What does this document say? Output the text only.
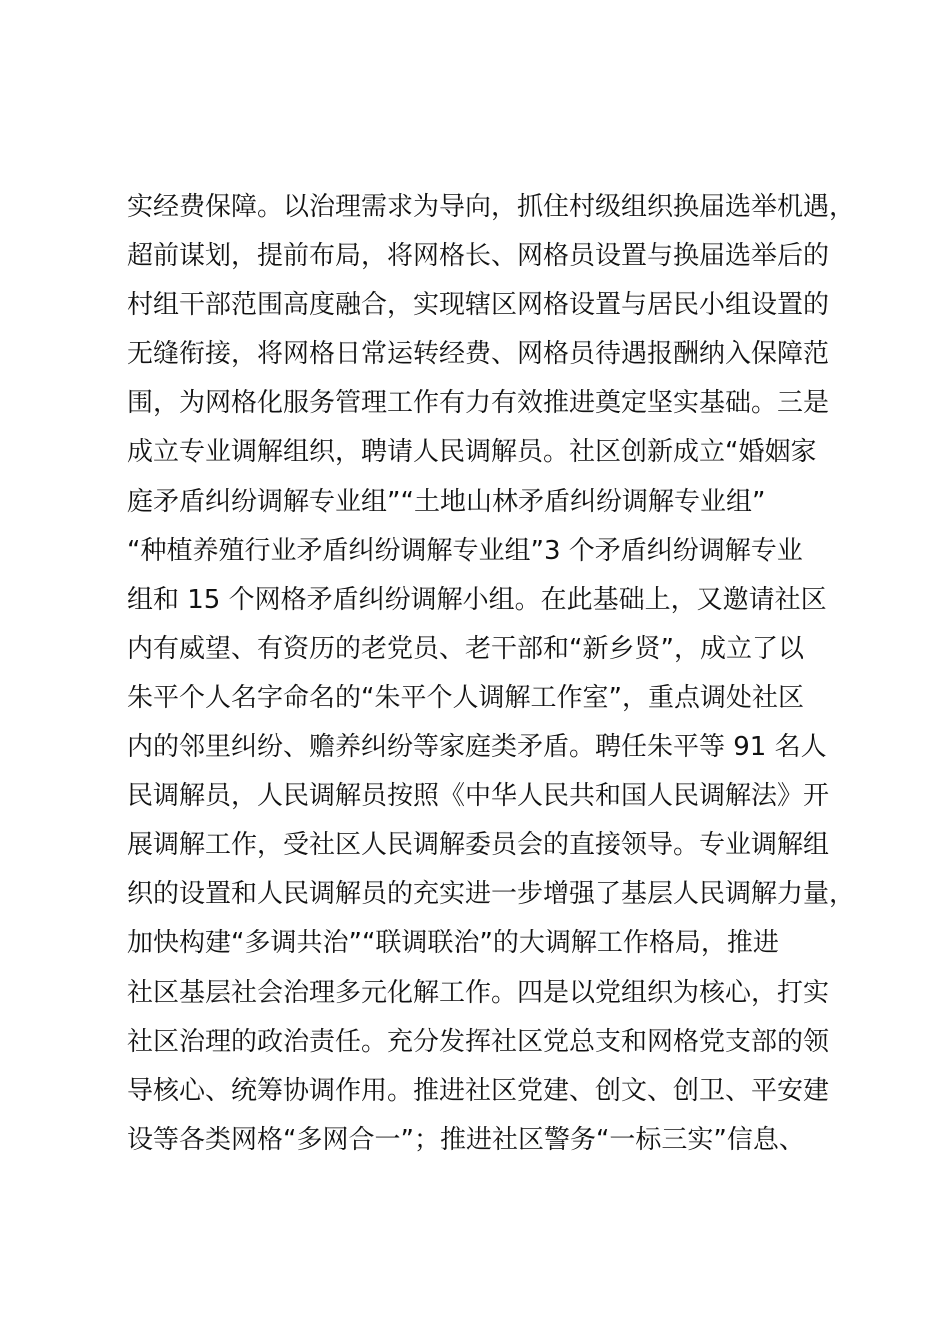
实经费保障。以治理需求为导向，抓住村级组织换届选举机遇，
超前谋划，提前布局，将网格长、网格员设置与换届选举后的
村组干部范围高度融合，实现辖区网格设置与居民小组设置的
无缝衔接，将网格日常运转经费、网格员待遇报酬纳入保障范
围，为网格化服务管理工作有力有效推进奠定坚实基础。三是
成立专业调解组织，聘请人民调解员。社区创新成立“婚姻家
庭矛盾纠纷调解专业组”“土地山林矛盾纠纷调解专业组”
“种植养殖行业矛盾纠纷调解专业组”3 个矛盾纠纷调解专业
组和 15 个网格矛盾纠纷调解小组。在此基础上，又邀请社区
内有威望、有资历的老党员、老干部和“新乡贤”，成立了以
朱平个人名字命名的“朱平个人调解工作室”，重点调处社区
内的邻里纠纷、赡养纠纷等家庭类矛盾。聘任朱平等 91 名人
民调解员，人民调解员按照《中华人民共和国人民调解法》开
展调解工作，受社区人民调解委员会的直接领导。专业调解组
织的设置和人民调解员的充实进一步增强了基层人民调解力量，
加快构建“多调共治”“联调联治”的大调解工作格局，推进
社区基层社会治理多元化解工作。四是以党组织为核心，打实
社区治理的政治责任。充分发挥社区党总支和网格党支部的领
导核心、统筹协调作用。推进社区党建、创文、创卫、平安建
设等各类网格“多网合一”；推进社区警务“一标三实”信息、
